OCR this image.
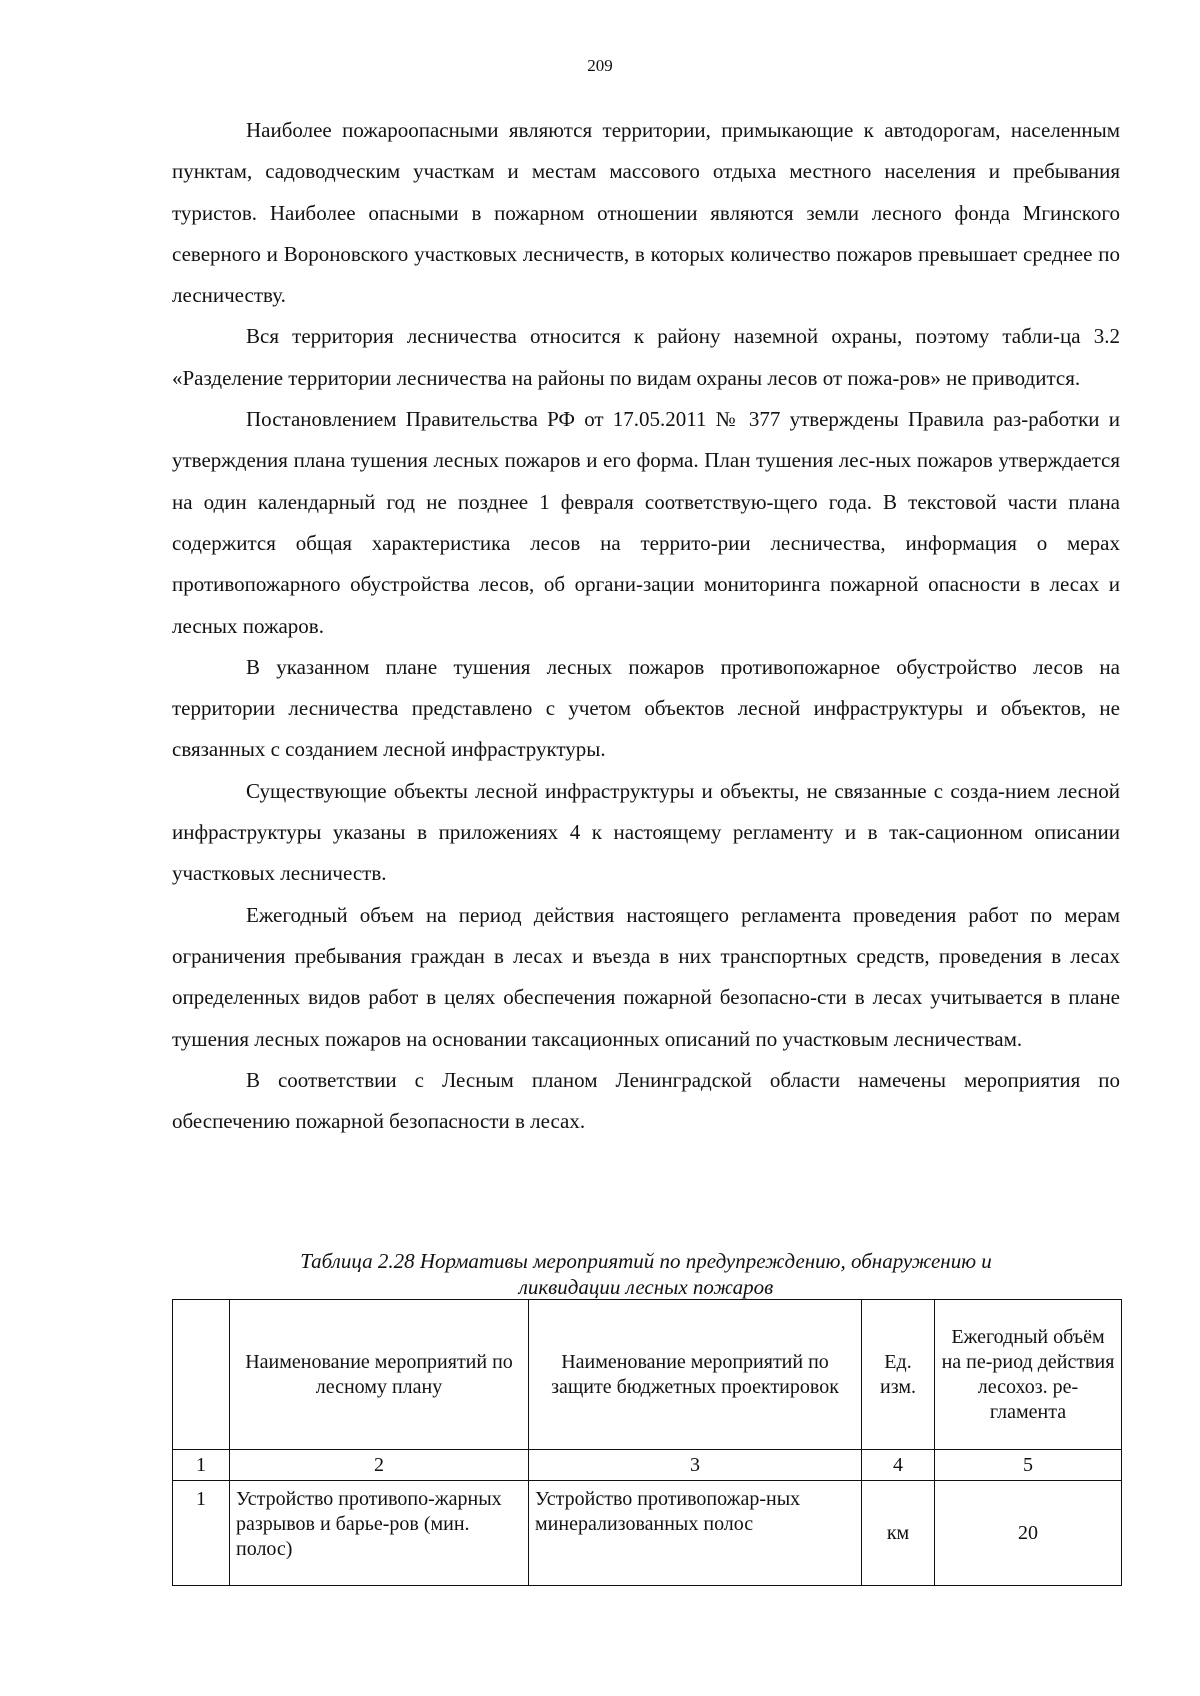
209

Наиболее пожароопасными являются территории, примыкающие к автодорогам, населенным пунктам, садоводческим участкам и местам массового отдыха местного населения и пребывания туристов. Наиболее опасными в пожарном отношении являются земли лесного фонда Мгинского северного и Вороновского участковых лесничеств, в которых количество пожаров превышает среднее по лесничеству.

Вся территория лесничества относится к району наземной охраны, поэтому табли-ца 3.2 «Разделение территории лесничества на районы по видам охраны лесов от пожа-ров» не приводится.

Постановлением Правительства РФ от 17.05.2011 № 377 утверждены Правила раз-работки и утверждения плана тушения лесных пожаров и его форма. План тушения лес-ных пожаров утверждается на один календарный год не позднее 1 февраля соответствую-щего года. В текстовой части плана содержится общая характеристика лесов на террито-рии лесничества, информация о мерах противопожарного обустройства лесов, об органи-зации мониторинга пожарной опасности в лесах и лесных пожаров.

В указанном плане тушения лесных пожаров противопожарное обустройство лесов на территории лесничества представлено с учетом объектов лесной инфраструктуры и объектов, не связанных с созданием лесной инфраструктуры.

Существующие объекты лесной инфраструктуры и объекты, не связанные с созда-нием лесной инфраструктуры указаны в приложениях 4 к настоящему регламенту и в так-сационном описании участковых лесничеств.

Ежегодный объем на период действия настоящего регламента проведения работ по мерам ограничения пребывания граждан в лесах и въезда в них транспортных средств, проведения в лесах определенных видов работ в целях обеспечения пожарной безопасно-сти в лесах учитывается в плане тушения лесных пожаров на основании таксационных описаний по участковым лесничествам.

В соответствии с Лесным планом Ленинградской области намечены мероприятия по обеспечению пожарной безопасности в лесах.

Таблица 2.28 Нормативы мероприятий по предупреждению, обнаружению и
ликвидации лесных пожаров
	Наименование мероприятий по лесному плану	Наименование мероприятий по защите бюджетных проектировок	Ед. изм.	Ежегодный объём на пе-риод действия лесохоз. ре-гламента
1	2	3	4	5
1	Устройство противопо-жарных разрывов и барье-ров (мин. полос)	Устройство противопожар-ных минерализованных полос	км	20
